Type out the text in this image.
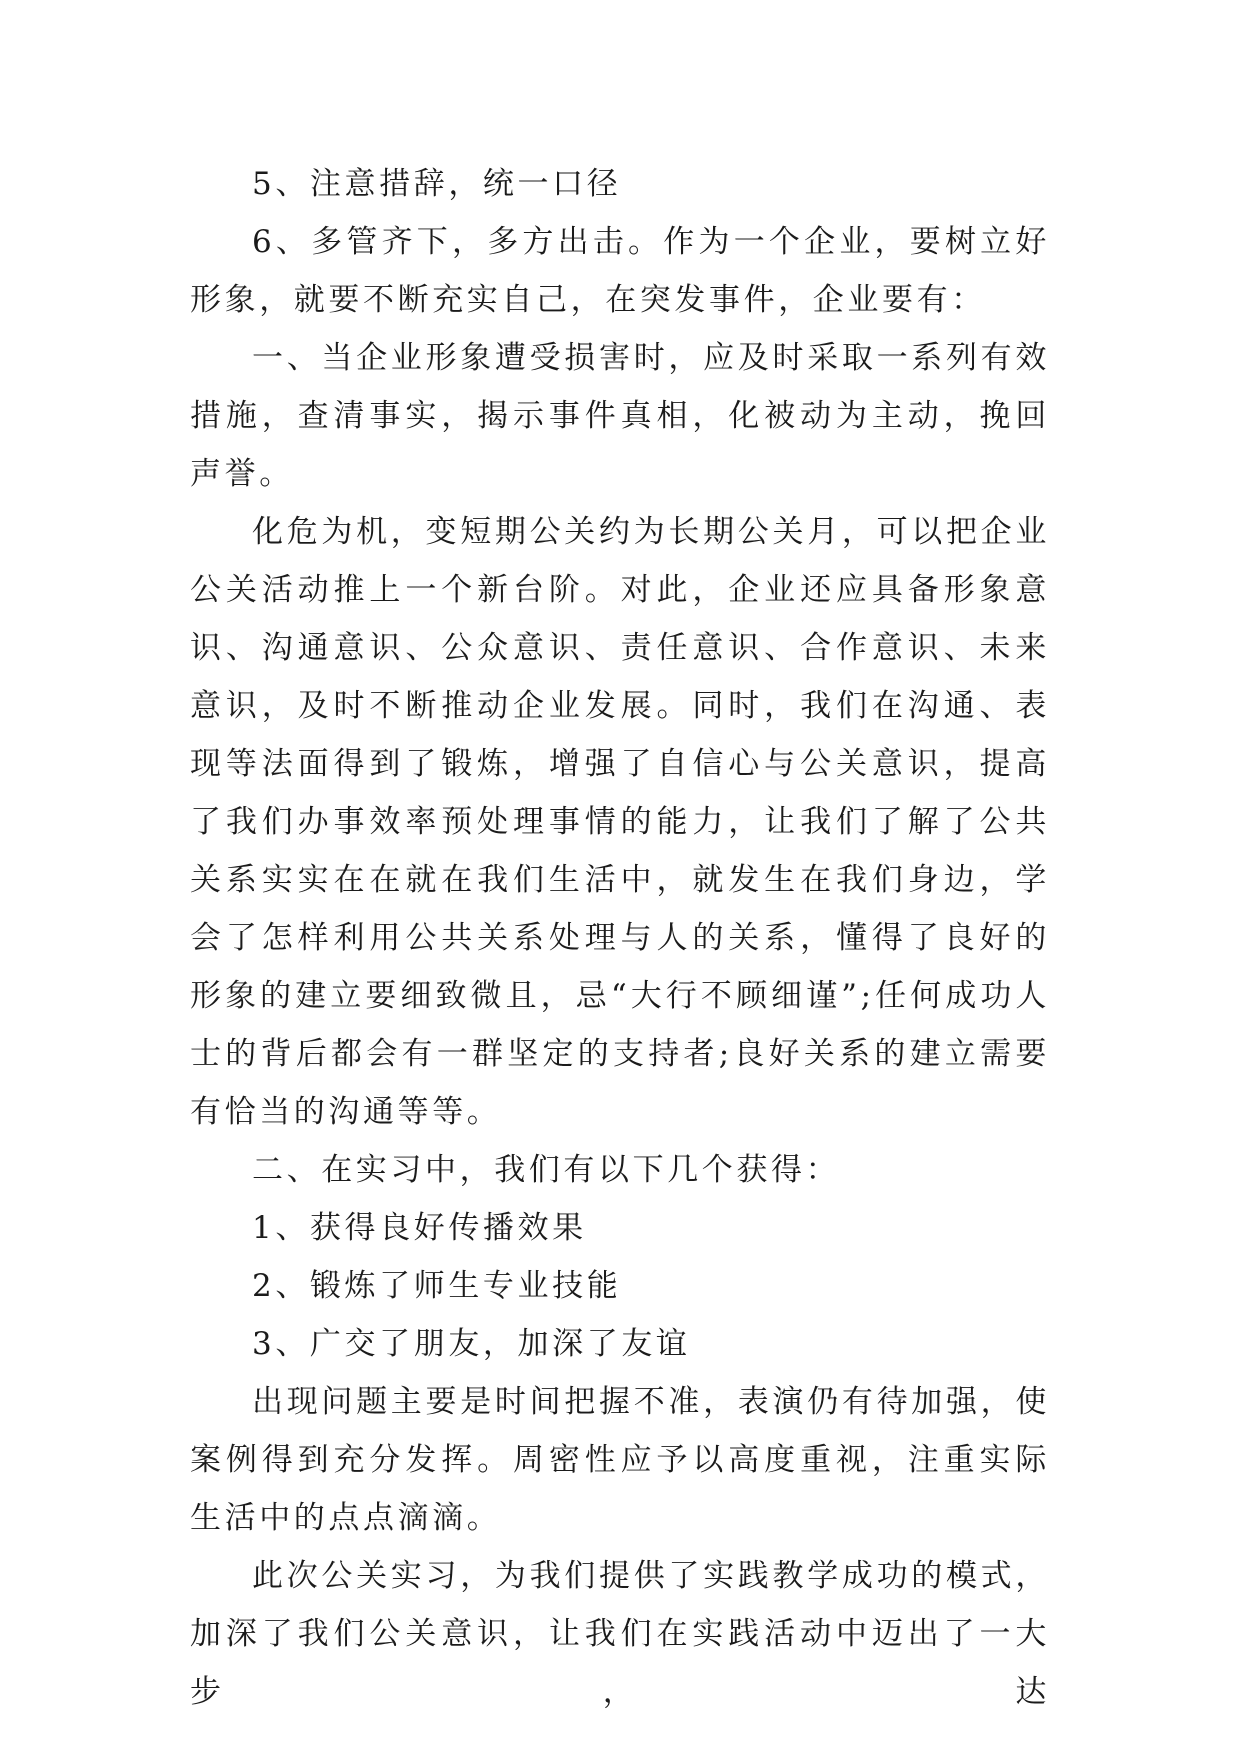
5、注意措辞，统一口径

6、多管齐下，多方出击。作为一个企业，要树立好形象，就要不断充实自己，在突发事件，企业要有：

一、当企业形象遭受损害时，应及时采取一系列有效措施，查清事实，揭示事件真相，化被动为主动，挽回声誉。

化危为机，变短期公关约为长期公关月，可以把企业公关活动推上一个新台阶。对此，企业还应具备形象意识、沟通意识、公众意识、责任意识、合作意识、未来意识，及时不断推动企业发展。同时，我们在沟通、表现等法面得到了锻炼，增强了自信心与公关意识，提高了我们办事效率预处理事情的能力，让我们了解了公共关系实实在在就在我们生活中，就发生在我们身边，学会了怎样利用公共关系处理与人的关系，懂得了良好的形象的建立要细致微且，忌“大行不顾细谨”;任何成功人士的背后都会有一群坚定的支持者;良好关系的建立需要有恰当的沟通等等。

二、在实习中，我们有以下几个获得：

1、获得良好传播效果

2、锻炼了师生专业技能

3、广交了朋友，加深了友谊

出现问题主要是时间把握不准，表演仍有待加强，使案例得到充分发挥。周密性应予以高度重视，注重实际生活中的点点滴滴。

此次公关实习，为我们提供了实践教学成功的模式，加深了我们公关意识，让我们在实践活动中迈出了一大步，达
